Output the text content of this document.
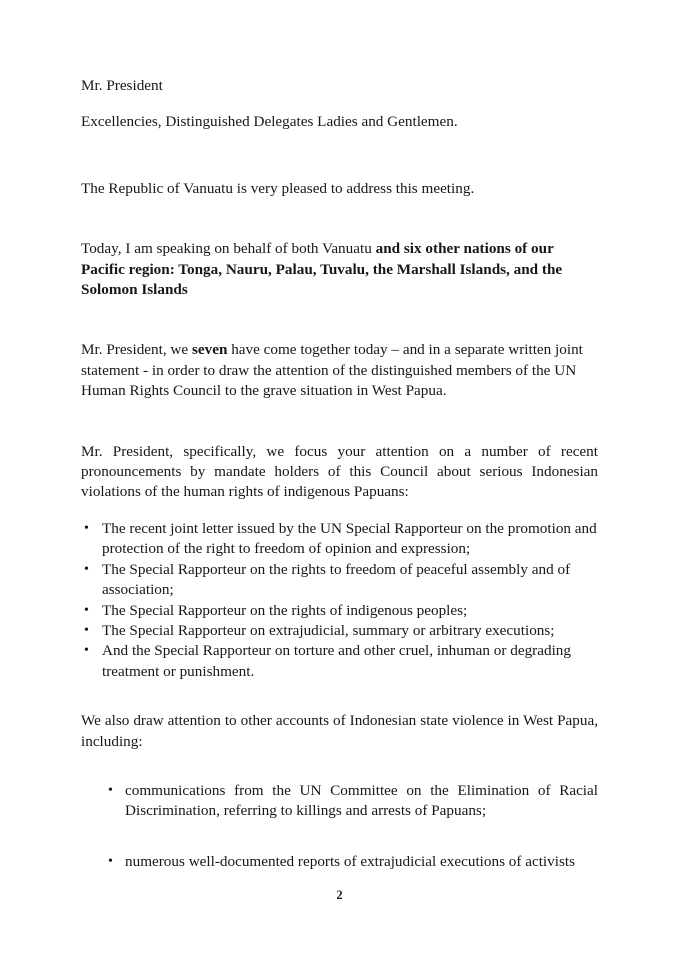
Mr. President

Excellencies, Distinguished Delegates Ladies and Gentlemen.

The Republic of Vanuatu is very pleased to address this meeting.

Today, I am speaking on behalf of both Vanuatu and six other nations of our Pacific region: Tonga, Nauru, Palau, Tuvalu, the Marshall Islands, and the Solomon Islands

Mr. President, we seven have come together today – and in a separate written joint statement - in order to draw the attention of the distinguished members of the UN Human Rights Council to the grave situation in West Papua.

Mr. President, specifically, we focus your attention on a number of recent pronouncements by mandate holders of this Council about serious Indonesian violations of the human rights of indigenous Papuans:

• The recent joint letter issued by the UN Special Rapporteur on the promotion and protection of the right to freedom of opinion and expression;
• The Special Rapporteur on the rights to freedom of peaceful assembly and of association;
• The Special Rapporteur on the rights of indigenous peoples;
• The Special Rapporteur on extrajudicial, summary or arbitrary executions;
• And the Special Rapporteur on torture and other cruel, inhuman or degrading treatment or punishment.

We also draw attention to other accounts of Indonesian state violence in West Papua, including:

• communications from the UN Committee on the Elimination of Racial Discrimination, referring to killings and arrests of Papuans;
• numerous well-documented reports of extrajudicial executions of activists
2
